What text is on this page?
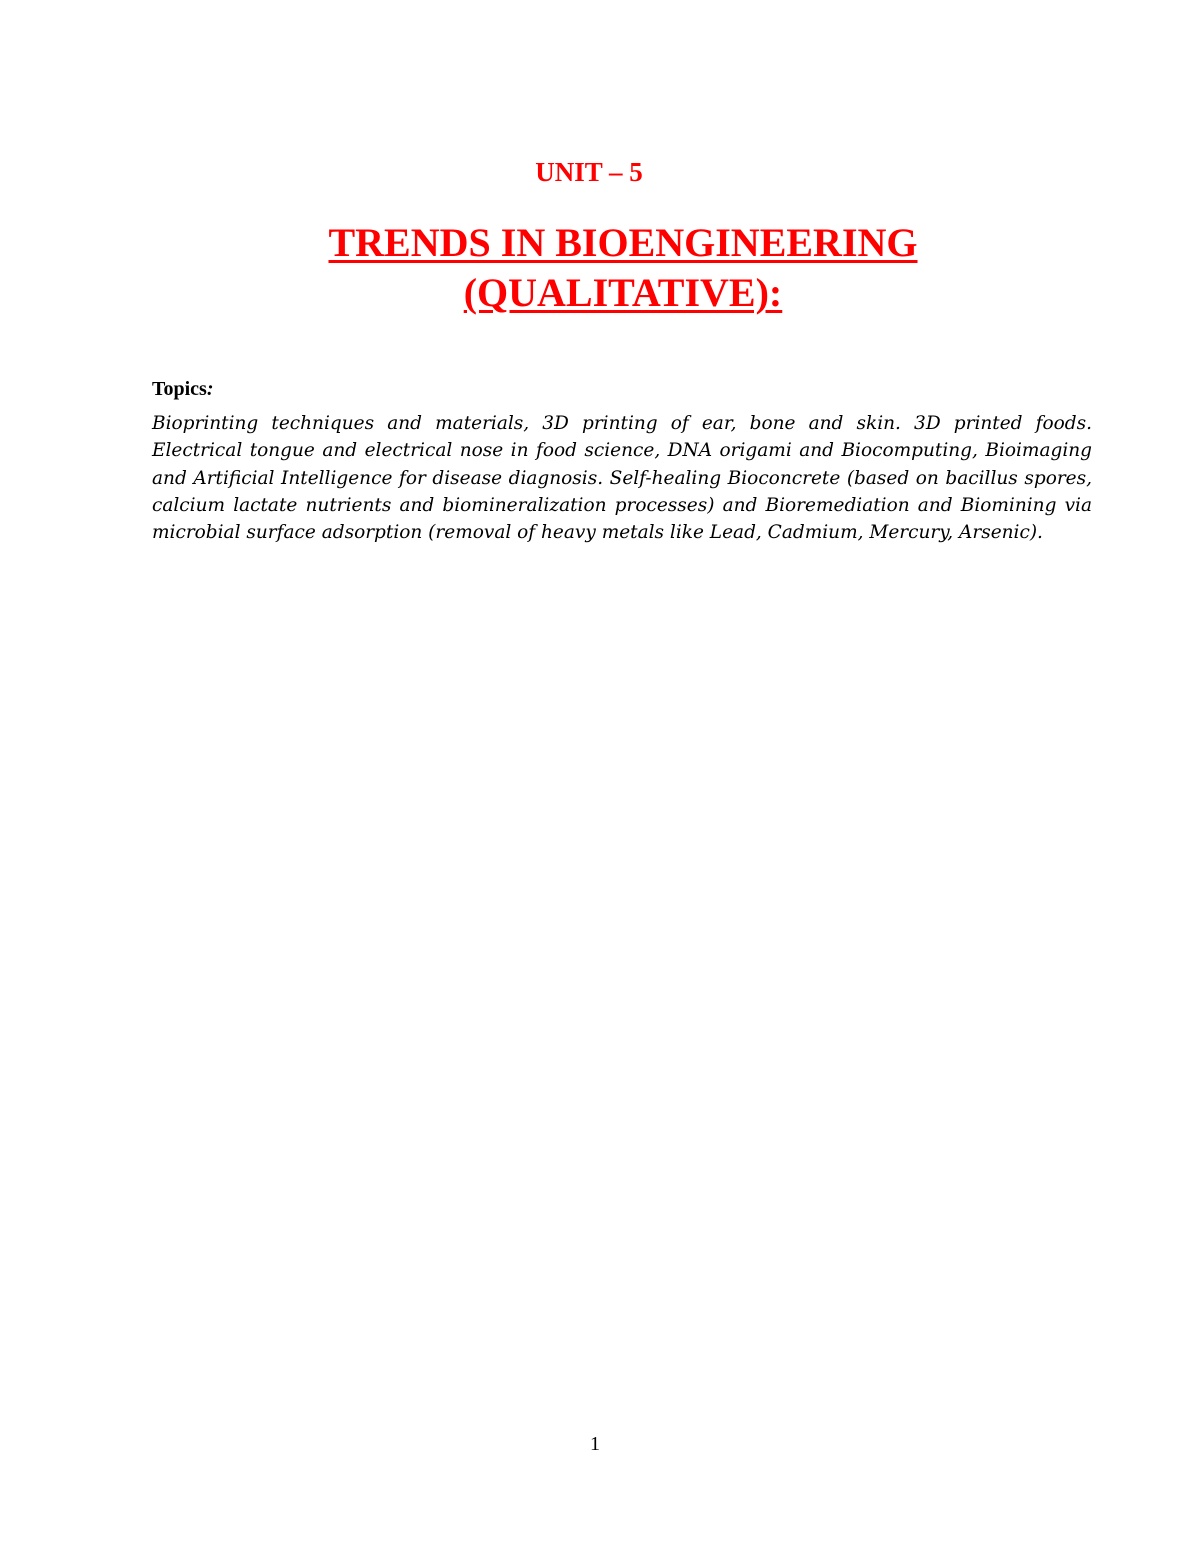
UNIT – 5
TRENDS IN BIOENGINEERING
(QUALITATIVE):
Topics:

Bioprinting techniques and materials, 3D printing of ear, bone and skin. 3D printed foods. Electrical tongue and electrical nose in food science, DNA origami and Biocomputing, Bioimaging and Artificial Intelligence for disease diagnosis. Self-healing Bioconcrete (based on bacillus spores, calcium lactate nutrients and biomineralization processes) and Bioremediation and Biomining via microbial surface adsorption (removal of heavy metals like Lead, Cadmium, Mercury, Arsenic).

1
